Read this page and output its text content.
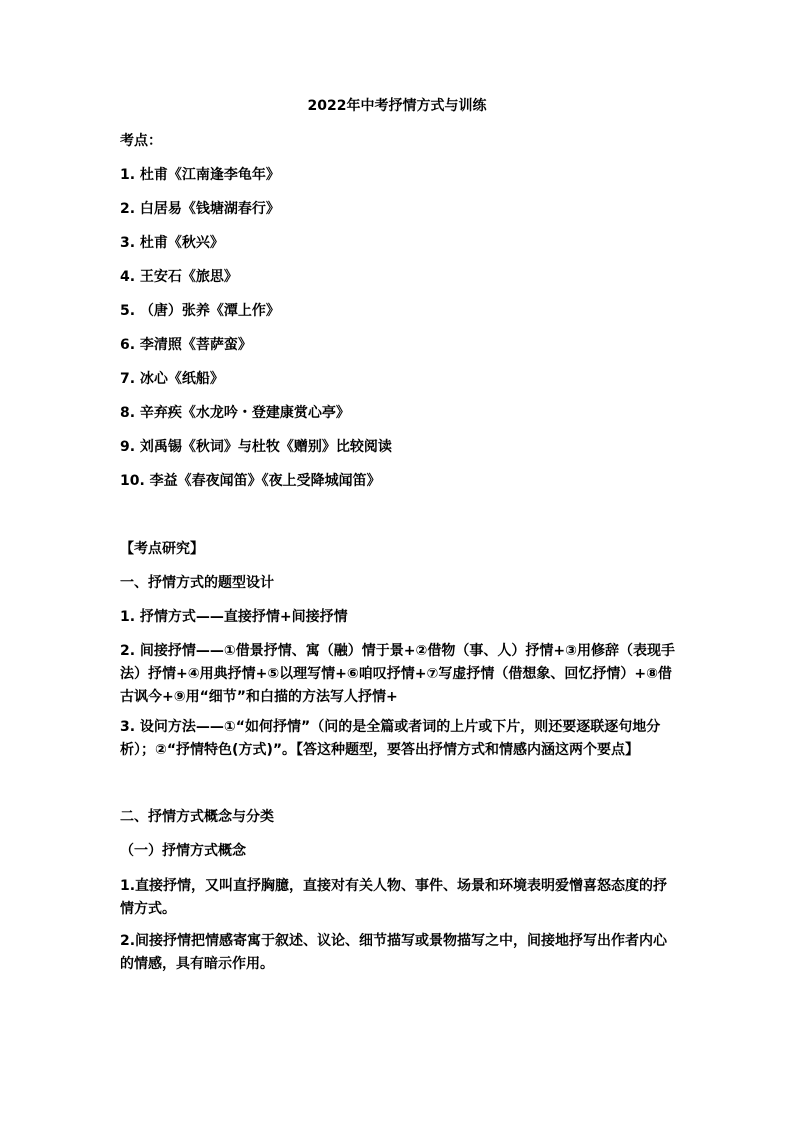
2022年中考抒情方式与训练
考点：
1. 杜甫《江南逢李龟年》
2. 白居易《钱塘湖春行》
3. 杜甫《秋兴》
4. 王安石《旅思》
5. （唐）张养《潭上作》
6. 李清照《菩萨蛮》
7. 冰心《纸船》
8. 辛弃疾《水龙吟・登建康赏心亭》
9. 刘禹锡《秋词》与杜牧《赠别》比较阅读
10. 李益《春夜闻笛》《夜上受降城闻笛》
【考点研究】
一、抒情方式的题型设计
1. 抒情方式——直接抒情+间接抒情
2. 间接抒情——①借景抒情、寓（融）情于景+②借物（事、人）抒情+③用修辞（表现手法）抒情+④用典抒情+⑤以理写情+⑥咱叹抒情+⑦写虚抒情（借想象、回忆抒情）+⑧借古讽今+⑨用“细节”和白描的方法写人抒情+
3. 设问方法——①“如何抒情”（问的是全篇或者词的上片或下片，则还要逐联逐句地分析）；②“抒情特色(方式)”。【答这种题型，要答出抒情方式和情感内涵这两个要点】
二、抒情方式概念与分类
（一）抒情方式概念
1.直接抒情，又叫直抒胸臆，直接对有关人物、事件、场景和环境表明爱憎喜怒态度的抒情方式。
2.间接抒情把情感寄寓于叙述、议论、细节描写或景物描写之中，间接地抒写出作者内心的情感，具有暗示作用。
